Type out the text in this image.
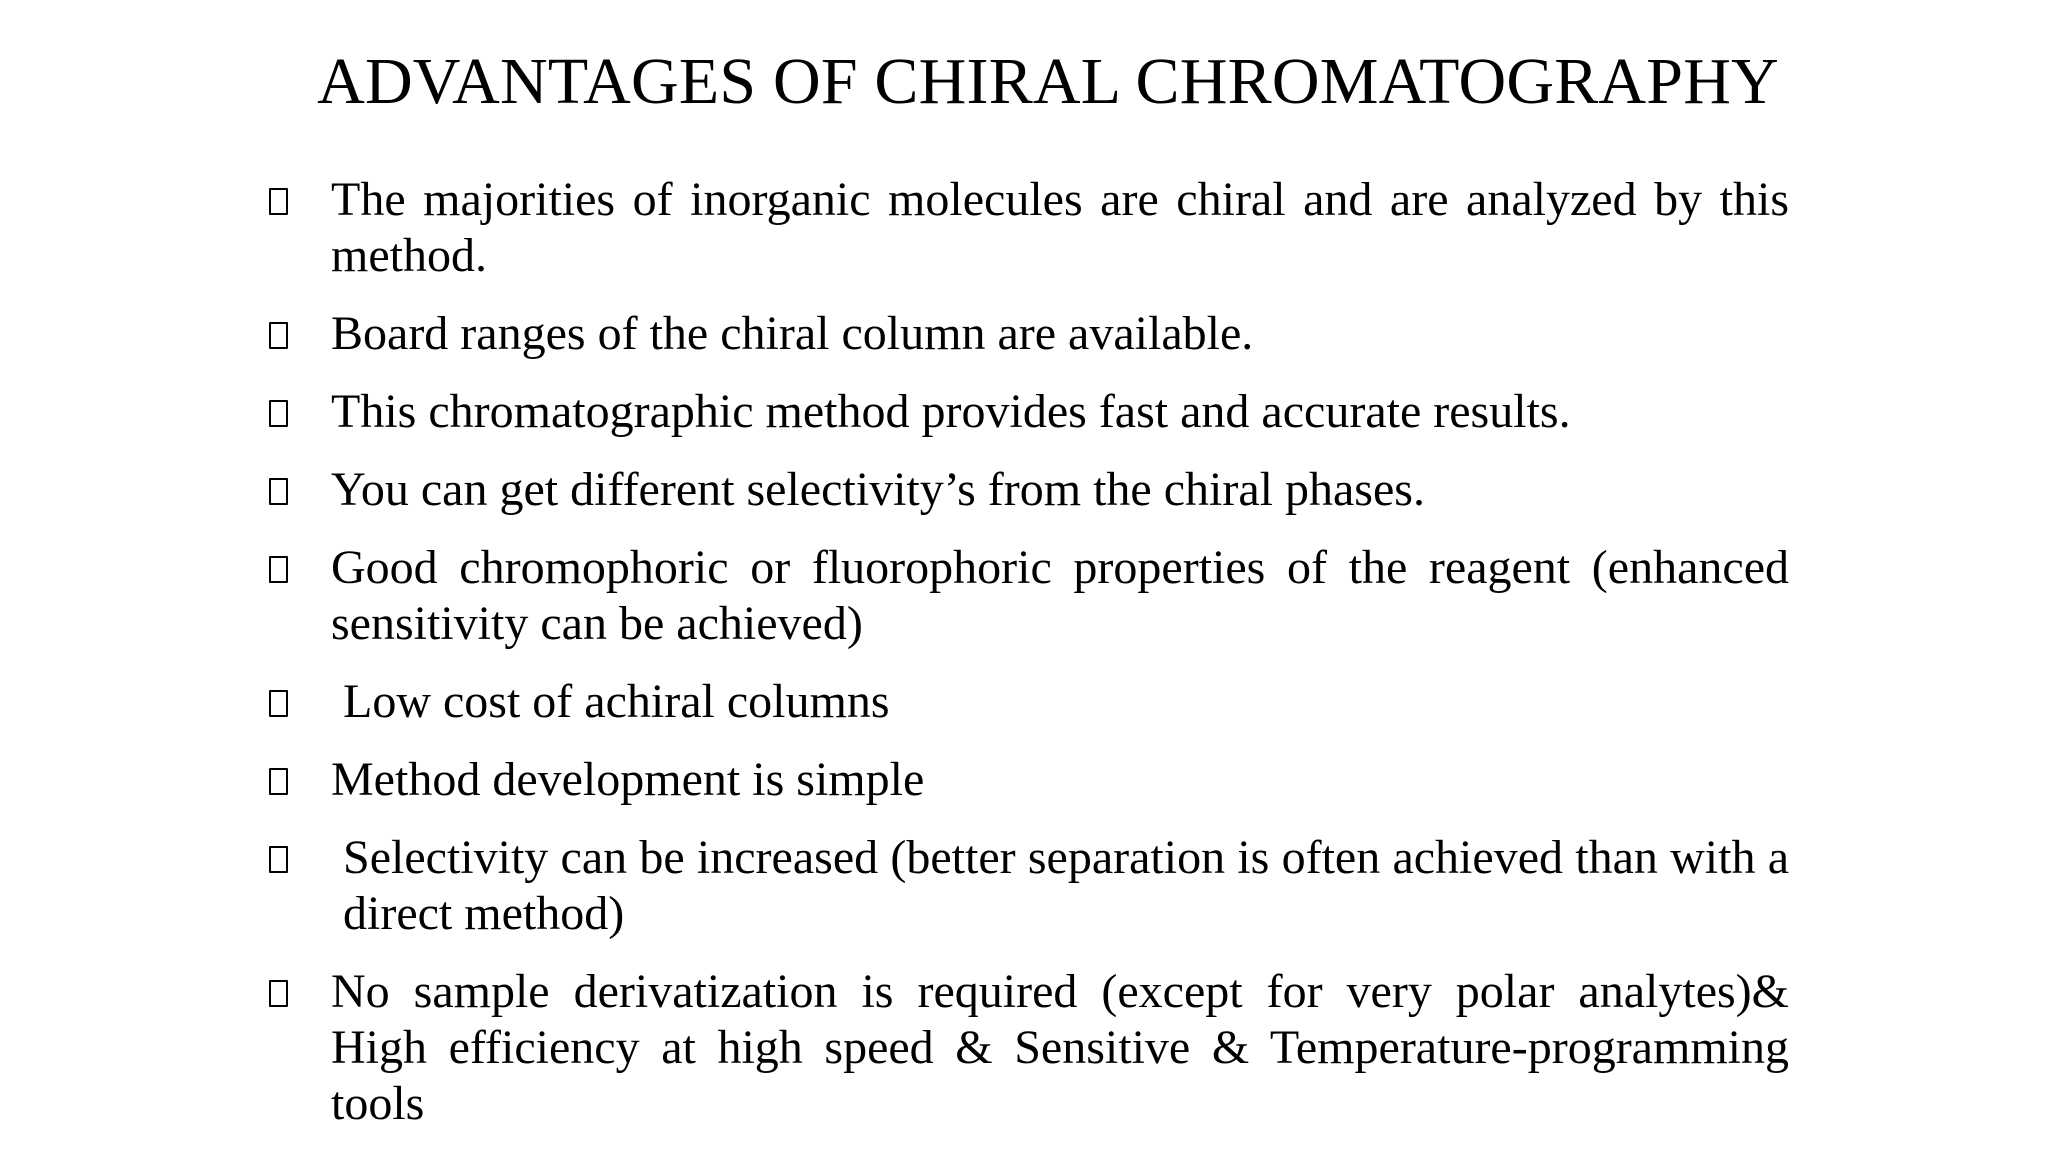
ADVANTAGES OF CHIRAL CHROMATOGRAPHY
The majorities of inorganic molecules are chiral and are analyzed by this method.
Board ranges of the chiral column are available.
This chromatographic method provides fast and accurate results.
You can get different selectivity’s from the chiral phases.
Good chromophoric or fluorophoric properties of the reagent (enhanced sensitivity can be achieved)
Low cost of achiral columns
Method development is simple
Selectivity can be increased (better separation is often achieved than with a direct method)
No sample derivatization is required (except for very polar analytes)& High efficiency at high speed & Sensitive & Temperature-programming tools
